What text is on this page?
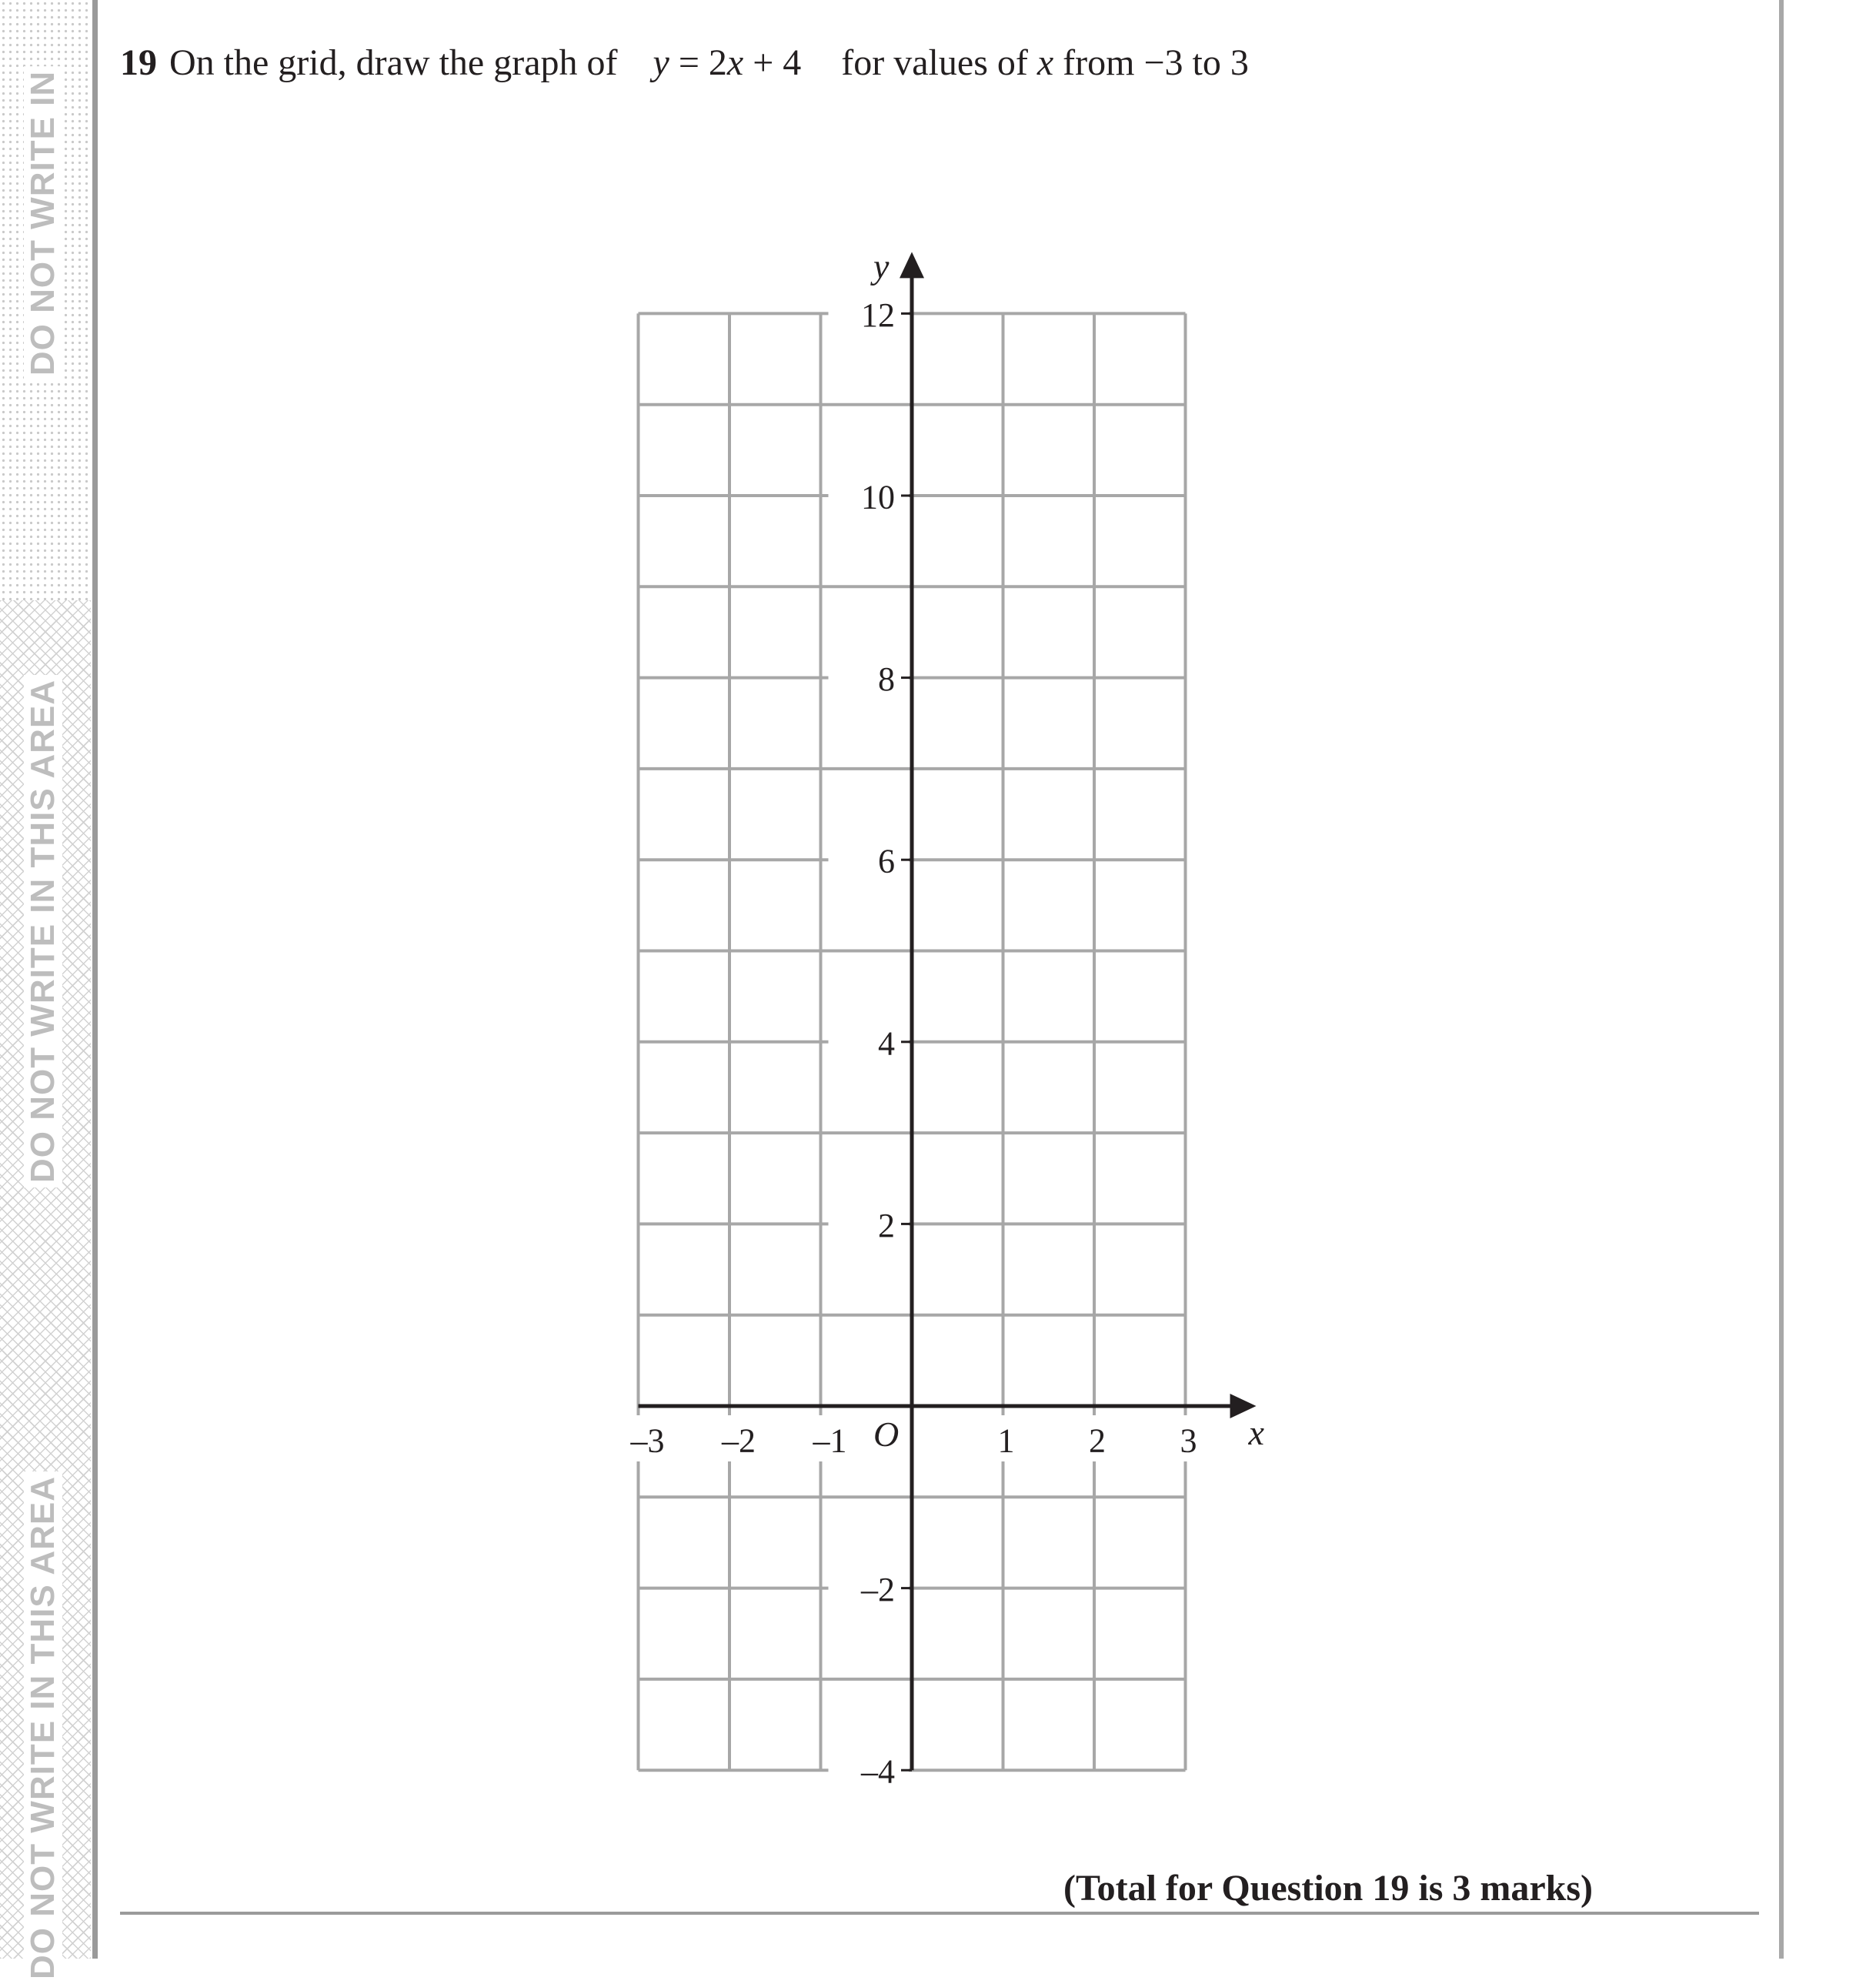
DO NOT WRITE IN
DO NOT WRITE IN THIS AREA
DO NOT WRITE IN THIS AREA
19 On the grid, draw the graph of y = 2x + 4 for values of x from −3 to 3
–4
–2
2
4
6
8
10
12
–3 –2 –1	1 2 3
O	x
y
(Total for Question 19 is 3 marks)
